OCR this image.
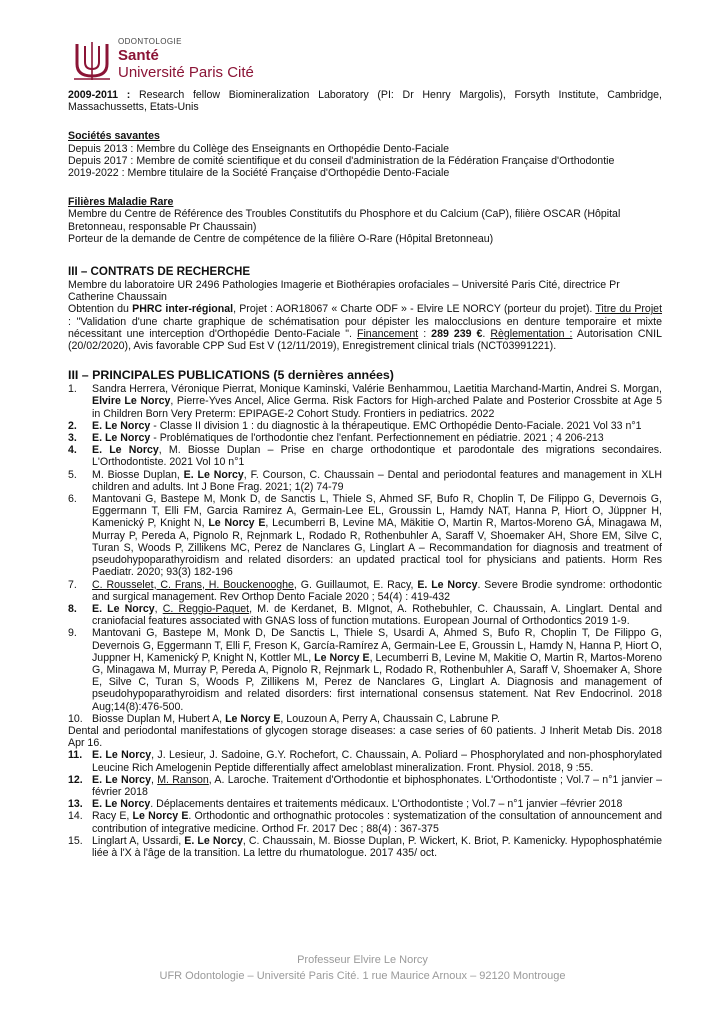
ODONTOLOGIE
Santé
Université Paris Cité

2009-2011 : Research fellow Biomineralization Laboratory (PI: Dr Henry Margolis), Forsyth Institute, Cambridge, Massachussetts, Etats-Unis

Sociétés savantes

Depuis 2013 : Membre du Collège des Enseignants en Orthopédie Dento-Faciale

Depuis 2017 : Membre de comité scientifique et du conseil d'administration de la Fédération Française d'Orthodontie

2019-2022 : Membre titulaire de la Société Française d'Orthopédie Dento-Faciale

Filières Maladie Rare

Membre du Centre de Référence des Troubles Constitutifs du Phosphore et du Calcium (CaP), filière OSCAR (Hôpital Bretonneau, responsable Pr Chaussain)

Porteur de la demande de Centre de compétence de la filière O-Rare (Hôpital Bretonneau)

III – CONTRATS DE RECHERCHE

Membre du laboratoire UR 2496 Pathologies Imagerie et Biothérapies orofaciales – Université Paris Cité, directrice Pr Catherine Chaussain

Obtention du PHRC inter-régional, Projet : AOR18067 « Charte ODF » - Elvire LE NORCY (porteur du projet). Titre du Projet : "Validation d'une charte graphique de schématisation pour dépister les malocclusions en denture temporaire et mixte nécessitant une interception d'Orthopédie Dento-Faciale ". Financement : 289 239 €. Règlementation : Autorisation CNIL (20/02/2020), Avis favorable CPP Sud Est V (12/11/2019), Enregistrement clinical trials (NCT03991221).

III – PRINCIPALES PUBLICATIONS (5 dernières années)

1.	Sandra Herrera, Véronique Pierrat, Monique Kaminski, Valérie Benhammou, Laetitia Marchand-Martin, Andrei S. Morgan, Elvire Le Norcy, Pierre-Yves Ancel, Alice Germa. Risk Factors for High-arched Palate and Posterior Crossbite at Age 5 in Children Born Very Preterm: EPIPAGE-2 Cohort Study. Frontiers in pediatrics. 2022
2.	E. Le Norcy - Classe II division 1 : du diagnostic à la thérapeutique. EMC Orthopédie Dento-Faciale. 2021 Vol 33 n°1
3.	E. Le Norcy - Problématiques de l'orthodontie chez l'enfant. Perfectionnement en pédiatrie. 2021 ; 4 206-213
4.	E. Le Norcy, M. Biosse Duplan – Prise en charge orthodontique et parodontale des migrations secondaires. L'Orthodontiste. 2021 Vol 10 n°1
5.	M. Biosse Duplan, E. Le Norcy, F. Courson, C. Chaussain – Dental and periodontal features and management in XLH children and adults. Int J Bone Frag. 2021; 1(2) 74-79
6.	Mantovani G, Bastepe M, Monk D, de Sanctis L, Thiele S, Ahmed SF, Bufo R, Choplin T, De Filippo G, Devernois G, Eggermann T, Elli FM, Garcia Ramirez A, Germain-Lee EL, Groussin L, Hamdy NAT, Hanna P, Hiort O, Jüppner H, Kamenický P, Knight N, Le Norcy E, Lecumberri B, Levine MA, Mäkitie O, Martin R, Martos-Moreno GÁ, Minagawa M, Murray P, Pereda A, Pignolo R, Rejnmark L, Rodado R, Rothenbuhler A, Saraff V, Shoemaker AH, Shore EM, Silve C, Turan S, Woods P, Zillikens MC, Perez de Nanclares G, Linglart A – Recommandation for diagnosis and treatment of pseudohypoparathyroidism and related disorders: an updated practical tool for physicians and patients. Horm Res Paediatr. 2020; 93(3) 182-196
7.	C. Rousselet, C. Frans, H. Bouckenooghe, G. Guillaumot, E. Racy, E. Le Norcy. Severe Brodie syndrome: orthodontic and surgical management. Rev Orthop Dento Faciale 2020 ; 54(4) : 419-432
8.	E. Le Norcy, C. Reggio-Paquet, M. de Kerdanet, B. MIgnot, A. Rothebuhler, C. Chaussain, A. Linglart. Dental and craniofacial features associated with GNAS loss of function mutations. European Journal of Orthodontics 2019 1-9.
9.	Mantovani G, Bastepe M, Monk D, De Sanctis L, Thiele S, Usardi A, Ahmed S, Bufo R, Choplin T, De Filippo G, Devernois G, Eggermann T, Elli F, Freson K, García-Ramírez A, Germain-Lee E, Groussin L, Hamdy N, Hanna P, Hiort O, Juppner H, Kamenický P, Knight N, Kottler ML, Le Norcy E, Lecumberri B, Levine M, Makitie O, Martin R, Martos-Moreno G, Minagawa M, Murray P, Pereda A, Pignolo R, Rejnmark L, Rodado R, Rothenbuhler A, Saraff V, Shoemaker A, Shore E, Silve C, Turan S, Woods P, Zillikens M, Perez de Nanclares G, Linglart A. Diagnosis and management of pseudohypoparathyroidism and related disorders: first international consensus statement. Nat Rev Endocrinol. 2018 Aug;14(8):476-500.
10. Biosse Duplan M, Hubert A, Le Norcy E, Louzoun A, Perry A, Chaussain C, Labrune P.

Dental and periodontal manifestations of glycogen storage diseases: a case series of 60 patients. J Inherit Metab Dis. 2018 Apr 16.

11. E. Le Norcy, J. Lesieur, J. Sadoine, G.Y. Rochefort, C. Chaussain, A. Poliard – Phosphorylated and non-phosphorylated Leucine Rich Amelogenin Peptide differentially affect ameloblast mineralization. Front. Physiol. 2018, 9 :55.
12. E. Le Norcy, M. Ranson, A. Laroche. Traitement d'Orthodontie et biphosphonates. L'Orthodontiste ; Vol.7 – n°1 janvier –février 2018
13. E. Le Norcy. Déplacements dentaires et traitements médicaux. L'Orthodontiste ; Vol.7 – n°1 janvier –février 2018
14. Racy E, Le Norcy E. Orthodontic and orthognathic protocoles : systematization of the consultation of announcement and contribution of integrative medicine. Orthod Fr. 2017 Dec ; 88(4) : 367-375
15. Linglart A, Ussardi, E. Le Norcy, C. Chaussain, M. Biosse Duplan, P. Wickert, K. Briot, P. Kamenicky. Hypophosphatémie liée à l'X à l'âge de la transition. La lettre du rhumatologue. 2017 435/ oct.
Professeur Elvire Le Norcy
UFR Odontologie – Université Paris Cité. 1 rue Maurice Arnoux – 92120 Montrouge
